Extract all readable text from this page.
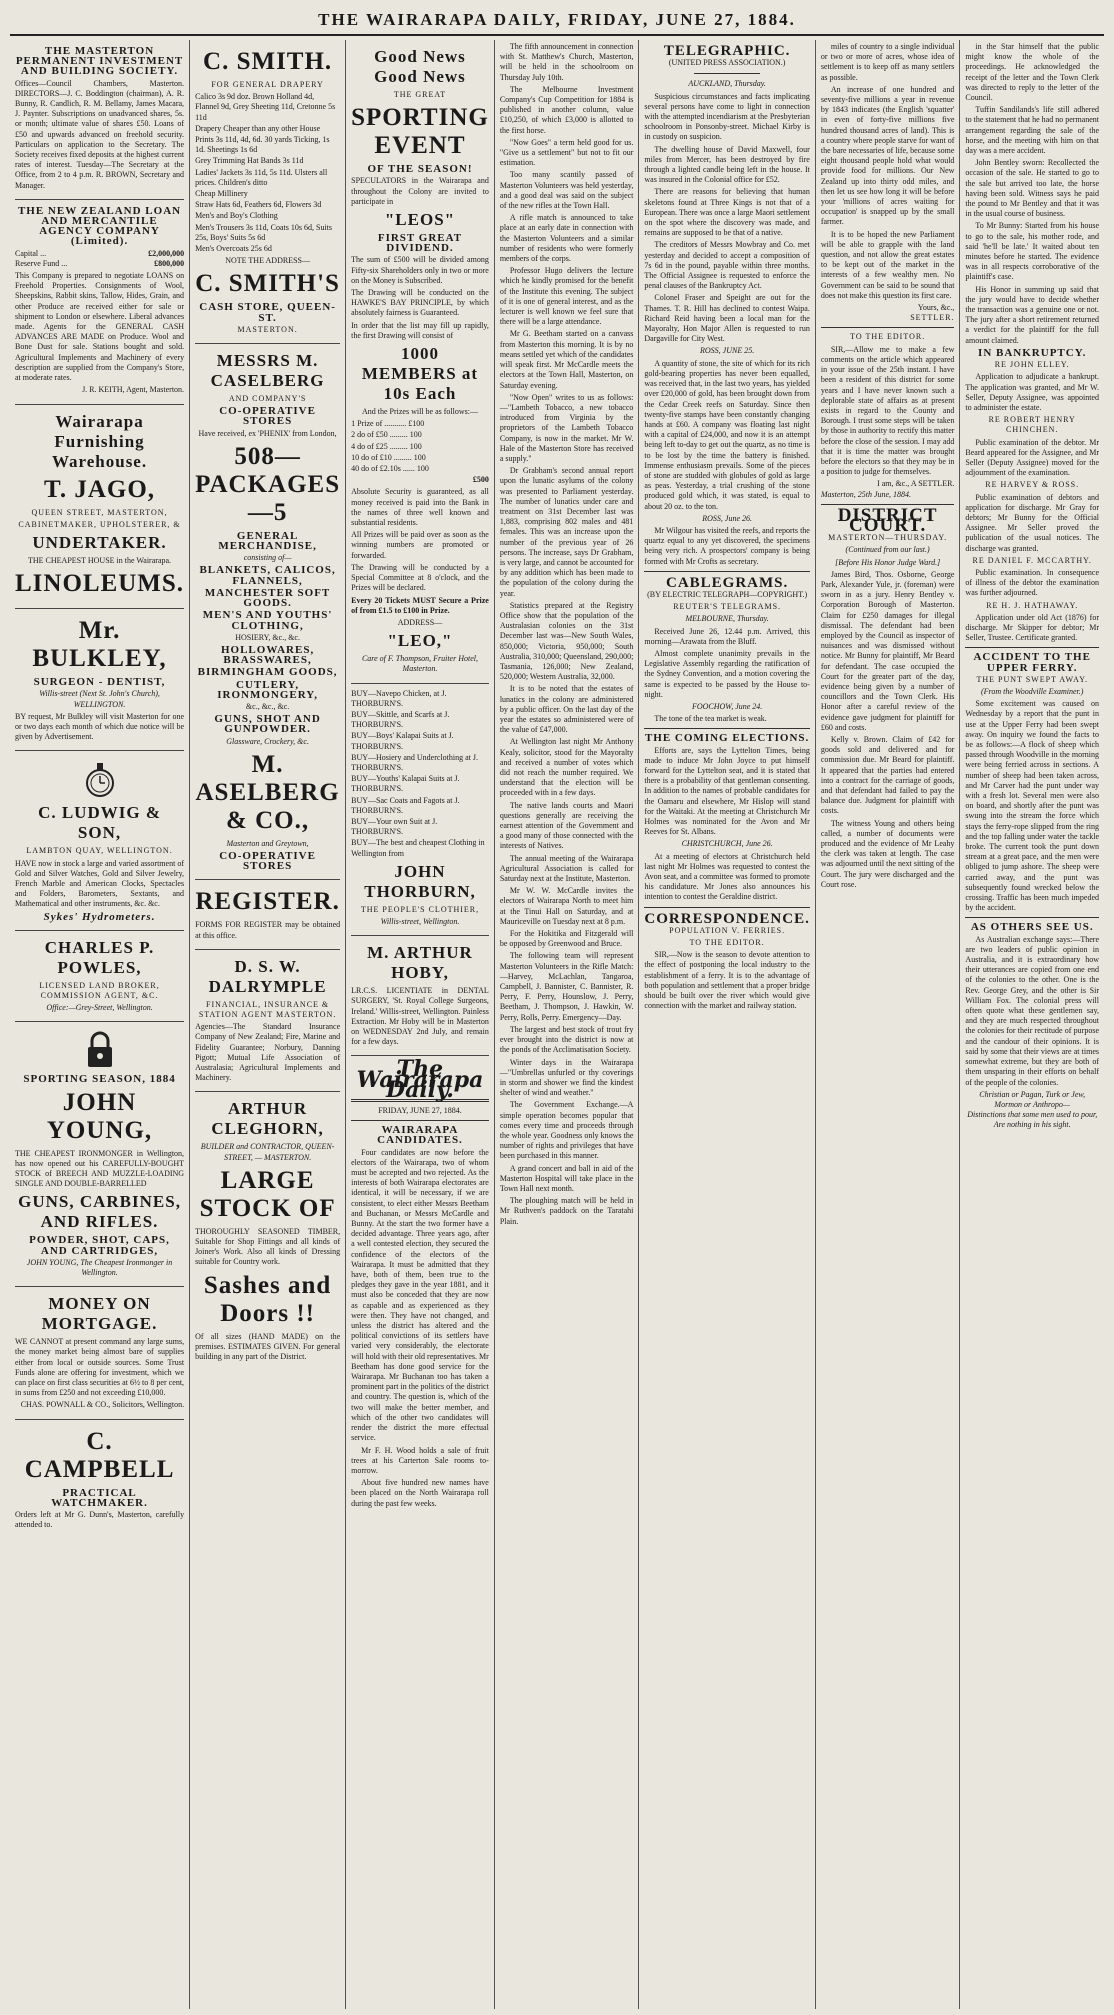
THE WAIRARAPA DAILY, FRIDAY, JUNE 27, 1884.
THE MASTERTON PERMANENT INVESTMENT AND BUILDING SOCIETY.

Offices—Council Chambers, Masterton. DIRECTORS—J. C. Boddington (chairman), A. R. Bunny, R. Candlich, R. M. Bellamy, James Macara, J. Paynter. Subscriptions on unadvanced shares, 5s. or month; ultimate value of shares £50. Loans of £50 and upwards advanced on freehold security. Particulars on application to the Secretary. The Society receives fixed deposits at the highest current rates of interest. Tuesday—The Secretary at the Office, from 2 to 4 p.m. R. BROWN, Secretary and Manager.

THE NEW ZEALAND LOAN AND MERCANTILE AGENCY COMPANY (Limited).
Capital ...	£2,000,000
Reserve Fund ...	£800,000

This Company is prepared to negotiate LOANS on Freehold Properties. Consignments of Wool, Sheepskins, Rabbit skins, Tallow, Hides, Grain, and other Produce are received either for sale or shipment to London or elsewhere. Liberal advances made. Agents for the GENERAL CASH ADVANCES ARE MADE on Produce. Wool and Bone Dust for sale. Stations bought and sold. Agricultural Implements and Machinery of every description are supplied from the Company's Store, at moderate rates.

J. R. KEITH, Agent, Masterton.

Wairarapa Furnishing Warehouse.
T. JAGO,
QUEEN STREET, MASTERTON,
CABINETMAKER, UPHOLSTERER, &
UNDERTAKER.
THE CHEAPEST HOUSE in the Wairarapa.
LINOLEUMS.
Mr. BULKLEY,
SURGEON - DENTIST,
Willis-street (Next St. John's Church), WELLINGTON.

BY request, Mr Bulkley will visit Masterton for one or two days each month of which due notice will be given by Advertisement.

C. LUDWIG & SON,
LAMBTON QUAY, WELLINGTON.

HAVE now in stock a large and varied assortment of Gold and Silver Watches, Gold and Silver Jewelry, French Marble and American Clocks, Spectacles and Folders, Barometers, Sextants, and Mathematical and other instruments, &c. &c.

Sykes' Hydrometers.
CHARLES P. POWLES,
LICENSED LAND BROKER, COMMISSION AGENT, &C.
Office:—Grey-Street, Wellington.
SPORTING SEASON, 1884
JOHN YOUNG,

THE CHEAPEST IRONMONGER in Wellington, has now opened out his CAREFULLY-BOUGHT STOCK of BREECH AND MUZZLE-LOADING SINGLE AND DOUBLE-BARRELLED

GUNS, CARBINES, AND RIFLES.
POWDER, SHOT, CAPS, AND CARTRIDGES,
JOHN YOUNG, The Cheapest Ironmonger in Wellington.
MONEY ON MORTGAGE.

WE CANNOT at present command any large sums, the money market being almost bare of supplies either from local or outside sources. Some Trust Funds alone are offering for investment, which we can place on first class securities at 6½ to 8 per cent, in sums from £250 and not exceeding £10,000.

CHAS. POWNALL & CO., Solicitors, Wellington.

C. CAMPBELL
PRACTICAL WATCHMAKER.

Orders left at Mr G. Dunn's, Masterton, carefully attended to.

C. SMITH.
FOR GENERAL DRAPERY
Calico 3s 9d doz. Brown Holland 4d, Flannel 9d, Grey Sheeting 11d, Cretonne 5s 11d
Drapery Cheaper than any other House
Prints 3s 11d, 4d, 6d. 30 yards Ticking, 1s 1d. Sheetings 1s 6d
Grey Trimming Hat Bands 3s 11d
Ladies' Jackets 3s 11d, 5s 11d. Ulsters all prices. Children's ditto
Cheap Millinery
Straw Hats 6d, Feathers 6d, Flowers 3d
Men's and Boy's Clothing
Men's Trousers 3s 11d, Coats 10s 6d, Suits 25s, Boys' Suits 5s 6d
Men's Overcoats 25s 6d
NOTE THE ADDRESS—
C. SMITH'S
CASH STORE, QUEEN-ST.
MASTERTON.
MESSRS M. CASELBERG
AND COMPANY'S
CO-OPERATIVE STORES
Have received, ex 'PHENIX' from London,
508—PACKAGES—5
GENERAL MERCHANDISE,
consisting of—
BLANKETS, CALICOS, FLANNELS,
MANCHESTER SOFT GOODS.
MEN'S AND YOUTHS' CLOTHING,
HOSIERY, &c., &c.
HOLLOWARES, BRASSWARES,
BIRMINGHAM GOODS,
CUTLERY, IRONMONGERY,
&c., &c., &c.
GUNS, SHOT AND GUNPOWDER.
Glassware, Crockery, &c.
M. ASELBERG & CO.,
Masterton and Greytown,
CO-OPERATIVE STORES
REGISTER.

FORMS FOR REGISTER may be obtained at this office.

D. S. W. DALRYMPLE
FINANCIAL, INSURANCE & STATION AGENT MASTERTON.

Agencies—The Standard Insurance Company of New Zealand; Fire, Marine and Fidelity Guarantee; Norbury, Danning Pigott; Mutual Life Association of Australasia; Agricultural Implements and Machinery.

ARTHUR CLEGHORN,
BUILDER and CONTRACTOR, QUEEN-STREET, — MASTERTON.
LARGE STOCK OF

THOROUGHLY SEASONED TIMBER, Suitable for Shop Fittings and all kinds of Joiner's Work. Also all kinds of Dressing suitable for Country work.

Sashes and Doors !!

Of all sizes (HAND MADE) on the premises. ESTIMATES GIVEN. For general building in any part of the District.

Good News Good News
THE GREAT
SPORTING EVENT
OF THE SEASON!

SPECULATORS in the Wairarapa and throughout the Colony are invited to participate in

"LEOS"
FIRST GREAT DIVIDEND.

The sum of £500 will be divided among Fifty-six Shareholders only in two or more on the Money is Subscribed.

The Drawing will be conducted on the HAWKE'S BAY PRINCIPLE, by which absolutely fairness is Guaranteed.

In order that the list may fill up rapidly, the first Drawing will consist of

1000 MEMBERS at 10s Each
And the Prizes will be as follows:—
1 Prize of ........... £100
2 do of £50 ......... 100
4 do of £25 ......... 100
10 do of £10 ......... 100
40 do of £2.10s ...... 100
£500

Absolute Security is guaranteed, as all money received is paid into the Bank in the names of three well known and substantial residents.

All Prizes will be paid over as soon as the winning numbers are promoted or forwarded.

The Drawing will be conducted by a Special Committee at 8 o'clock, and the Prizes will be declared.

Every 20 Tickets MUST Secure a Prize of from £1.5 to £100 in Prize.

ADDRESS—
"LEO,"
Care of F. Thompson, Fruiter Hotel, Masterton.
BUY—Navepo Chicken, at J. THORBURN'S.
BUY—Skittle, and Scarfs at J. THORBURN'S.
BUY—Boys' Kalapai Suits at J. THORBURN'S.
BUY—Hosiery and Underclothing at J. THORBURN'S.
BUY—Youths' Kalapai Suits at J. THORBURN'S.
BUY—Sac Coats and Fagots at J. THORBURN'S.
BUY—Your own Suit at J. THORBURN'S.
BUY—The best and cheapest Clothing in Wellington from
JOHN THORBURN,
THE PEOPLE'S CLOTHIER,
Willis-street, Wellington.
M. ARTHUR HOBY,

LR.C.S. LICENTIATE in DENTAL SURGERY, 'St. Royal College Surgeons, Ireland.' Willis-street, Wellington. Painless Extraction. Mr Hoby will be in Masterton on WEDNESDAY 2nd July, and remain for a few days.

The Wairarapa Daily.
FRIDAY, JUNE 27, 1884.
WAIRARAPA CANDIDATES.

Four candidates are now before the electors of the Wairarapa, two of whom must be accepted and two rejected. As the interests of both Wairarapa electorates are identical, it will be necessary, if we are consistent, to elect either Messrs Beetham and Buchanan, or Messrs McCardle and Bunny. At the start the two former have a decided advantage. Three years ago, after a well contested election, they secured the confidence of the electors of the Wairarapa. It must be admitted that they have, both of them, been true to the pledges they gave in the year 1881, and it must also be conceded that they are now as capable and as experienced as they were then. They have not changed, and unless the district has altered and the political convictions of its settlers have varied very considerably, the electorate will hold with their old representatives. Mr Beetham has done good service for the Wairarapa. Mr Buchanan too has taken a prominent part in the politics of the district and country. The question is, which of the two will make the better member, and which of the other two candidates will render the district the more effectual service.

Mr F. H. Wood holds a sale of fruit trees at his Carterton Sale rooms to-morrow.

About five hundred new names have been placed on the North Wairarapa roll during the past few weeks.

The fifth announcement in connection with St. Matthew's Church, Masterton, will be held in the schoolroom on Thursday July 10th.

The Melbourne Investment Company's Cup Competition for 1884 is published in another column, value £10,250, of which £3,000 is allotted to the first horse.

"Now Goes" a term held good for us. "Give us a settlement" but not to fit our estimation.

Too many scantily passed of Masterton Volunteers was held yesterday, and a good deal was said on the subject of the new rifles at the Town Hall.

A rifle match is announced to take place at an early date in connection with the Masterton Volunteers and a similar number of residents who were formerly members of the corps.

Professor Hugo delivers the lecture which he kindly promised for the benefit of the Institute this evening. The subject of it is one of general interest, and as the lecturer is well known we feel sure that there will be a large attendance.

Mr G. Beetham started on a canvass from Masterton this morning. It is by no means settled yet which of the candidates will speak first. Mr McCardle meets the electors at the Town Hall, Masterton, on Saturday evening.

"Now Open" writes to us as follows:—"Lambeth Tobacco, a new tobacco introduced from Virginia by the proprietors of the Lambeth Tobacco Company, is now in the market. Mr W. Hale of the Masterton Store has received a supply."

Dr Grabham's second annual report upon the lunatic asylums of the colony was presented to Parliament yesterday. The number of lunatics under care and treatment on 31st December last was 1,883, comprising 802 males and 481 females. This was an increase upon the number of the previous year of 26 persons. The increase, says Dr Grabham, is very large, and cannot be accounted for by any addition which has been made to the population of the colony during the year.

Statistics prepared at the Registry Office show that the population of the Australasian colonies on the 31st December last was—New South Wales, 850,000; Victoria, 950,000; South Australia, 310,000; Queensland, 290,000; Tasmania, 126,000; New Zealand, 520,000; Western Australia, 32,000.

It is to be noted that the estates of lunatics in the colony are administered by a public officer. On the last day of the year the estates so administered were of the value of £47,000.

At Wellington last night Mr Anthony Kealy, solicitor, stood for the Mayoralty and received a number of votes which did not reach the number required. We understand that the election will be proceeded with in a few days.

The native lands courts and Maori questions generally are receiving the earnest attention of the Government and a good many of those connected with the interests of Natives.

The annual meeting of the Wairarapa Agricultural Association is called for Saturday next at the Institute, Masterton.

Mr W. W. McCardle invites the electors of Wairarapa North to meet him at the Tinui Hall on Saturday, and at Mauriceville on Tuesday next at 8 p.m.

For the Hokitika and Fitzgerald will be opposed by Greenwood and Bruce.

The following team will represent Masterton Volunteers in the Rifle Match:—Harvey, McLachlan, Tangaroa, Campbell, J. Bannister, C. Bannister, R. Perry, F. Perry, Hounslow, J. Perry, Beetham, J. Thompson, J. Hawkin, W. Perry, Rolls, Perry. Emergency—Day.

The largest and best stock of trout fry ever brought into the district is now at the ponds of the Acclimatisation Society.

Winter days in the Wairarapa—"Umbrellas unfurled or thy coverings in storm and shower we find the kindest shelter of wind and weather."

The Government Exchange.—A simple operation becomes popular that comes every time and proceeds through the whole year. Goodness only knows the number of rights and privileges that have been purchased in this manner.

A grand concert and ball in aid of the Masterton Hospital will take place in the Town Hall next month.

The ploughing match will be held in Mr Ruthven's paddock on the Taratahi Plain.

TELEGRAPHIC.
(UNITED PRESS ASSOCIATION.)
AUCKLAND, Thursday.

Suspicious circumstances and facts implicating several persons have come to light in connection with the attempted incendiarism at the Presbyterian schoolroom in Ponsonby-street. Michael Kirby is in custody on suspicion.

The dwelling house of David Maxwell, four miles from Mercer, has been destroyed by fire through a lighted candle being left in the house. It was insured in the Colonial office for £52.

There are reasons for believing that human skeletons found at Three Kings is not that of a European. There was once a large Maori settlement on the spot where the discovery was made, and remains are supposed to be that of a native.

The creditors of Messrs Mowbray and Co. met yesterday and decided to accept a composition of 7s 6d in the pound, payable within three months. The Official Assignee is requested to enforce the penal clauses of the Bankruptcy Act.

Colonel Fraser and Speight are out for the Thames. T. R. Hill has declined to contest Waipa. Richard Reid having been a local man for the Mayoralty, Hon Major Allen is requested to run Dargaville for City West.

ROSS, JUNE 25.

A quantity of stone, the site of which for its rich gold-bearing properties has never been equalled, was received that, in the last two years, has yielded over £20,000 of gold, has been brought down from the Cedar Creek reefs on Saturday. Since then twenty-five stamps have been constantly changing hands at £60. A company was floating last night with a capital of £24,000, and now it is an attempt being left to-day to get out the quartz, as no time is to be lost by the time the battery is finished. Immense enthusiasm prevails. Some of the pieces of stone are studded with globules of gold as large as peas. Yesterday, a trial crushing of the stone produced gold which, it was stated, is equal to about 20 oz. to the ton.

ROSS, June 26.

Mr Wilgour has visited the reefs, and reports the quartz equal to any yet discovered, the specimens being very rich. A prospectors' company is being formed with Mr Crofts as secretary.

CABLEGRAMS.
(BY ELECTRIC TELEGRAPH—COPYRIGHT.)
REUTER'S TELEGRAMS.
MELBOURNE, Thursday.

Received June 26, 12.44 p.m. Arrived, this morning—Arawata from the Bluff.

Almost complete unanimity prevails in the Legislative Assembly regarding the ratification of the Sydney Convention, and a motion covering the same is expected to be passed by the House to-night.

FOOCHOW, June 24.

The tone of the tea market is weak.

THE COMING ELECTIONS.

Efforts are, says the Lyttelton Times, being made to induce Mr John Joyce to put himself forward for the Lyttelton seat, and it is stated that there is a probability of that gentleman consenting. In addition to the names of probable candidates for the Oamaru and elsewhere, Mr Hislop will stand for the Waitaki. At the meeting at Christchurch Mr Holmes was nominated for the Avon and Mr Reeves for St. Albans.

CHRISTCHURCH, June 26.

At a meeting of electors at Christchurch held last night Mr Holmes was requested to contest the Avon seat, and a committee was formed to promote his candidature. Mr Jones also announces his intention to contest the Geraldine district.

CORRESPONDENCE.
POPULATION V. FERRIES.
TO THE EDITOR.

SIR,—Now is the season to devote attention to the effect of postponing the local industry to the establishment of a ferry. It is to the advantage of both population and settlement that a proper bridge should be built over the river which would give connection with the market and railway station.

miles of country to a single individual or two or more of acres, whose idea of settlement is to keep off as many settlers as possible.

An increase of one hundred and seventy-five millions a year in revenue by 1843 indicates (the English 'squatter' in even of forty-five millions five hundred thousand acres of land). This is a country where people starve for want of the bare necessaries of life, because some eight thousand people hold what would provide food for millions. Our New Zealand up into thirty odd miles, and then let us see how long it will be before your 'millions of acres waiting for occupation' is snapped up by the small farmer.

It is to be hoped the new Parliament will be able to grapple with the land question, and not allow the great estates to be kept out of the market in the interests of a few wealthy men. No Government can be said to be sound that does not make this question its first care.

Yours, &c.,
SETTLER.
TO THE EDITOR.

SIR,—Allow me to make a few comments on the article which appeared in your issue of the 25th instant. I have been a resident of this district for some years and I have never known such a deplorable state of affairs as at present exists in regard to the County and Borough. I trust some steps will be taken by those in authority to rectify this matter before the close of the session. I may add that it is time the matter was brought before the electors so that they may be in a position to judge for themselves.

I am, &c., A SETTLER.
Masterton, 25th June, 1884.
DISTRICT COURT.
MASTERTON—THURSDAY.
(Continued from our last.)
[Before His Honor Judge Ward.]

James Bird, Thos. Osborne, George Park, Alexander Yule, jr. (foreman) were sworn in as a jury. Henry Bentley v. Corporation Borough of Masterton. Claim for £250 damages for illegal dismissal. The defendant had been employed by the Council as inspector of nuisances and was dismissed without notice. Mr Bunny for plaintiff, Mr Beard for defendant. The case occupied the Court for the greater part of the day, evidence being given by a number of councillors and the Town Clerk. His Honor after a careful review of the evidence gave judgment for plaintiff for £60 and costs.

Kelly v. Brown. Claim of £42 for goods sold and delivered and for commission due. Mr Beard for plaintiff. It appeared that the parties had entered into a contract for the carriage of goods, and that defendant had failed to pay the balance due. Judgment for plaintiff with costs.

The witness Young and others being called, a number of documents were produced and the evidence of Mr Leahy the clerk was taken at length. The case was adjourned until the next sitting of the Court. The jury were discharged and the Court rose.

in the Star himself that the public might know the whole of the proceedings. He acknowledged the receipt of the letter and the Town Clerk was directed to reply to the letter of the Council.

Tuffin Sandilands's life still adhered to the statement that he had no permanent arrangement regarding the sale of the horse, and the meeting with him on that day was a mere accident.

John Bentley sworn: Recollected the occasion of the sale. He started to go to the sale but arrived too late, the horse having been sold. Witness says he paid the pound to Mr Bentley and that it was in the usual course of business.

To Mr Bunny: Started from his house to go to the sale, his mother rode, and said 'he'll be late.' It waited about ten minutes before he started. The evidence was in all respects corroborative of the plaintiff's case.

His Honor in summing up said that the jury would have to decide whether the transaction was a genuine one or not. The jury after a short retirement returned a verdict for the plaintiff for the full amount claimed.

IN BANKRUPTCY.
RE JOHN ELLEY.

Application to adjudicate a bankrupt. The application was granted, and Mr W. Seller, Deputy Assignee, was appointed to administer the estate.

RE ROBERT HENRY CHINCHEN.

Public examination of the debtor. Mr Beard appeared for the Assignee, and Mr Seller (Deputy Assignee) moved for the adjournment of the examination.

RE HARVEY & ROSS.

Public examination of debtors and application for discharge. Mr Gray for debtors; Mr Bunny for the Official Assignee. Mr Seller proved the publication of the usual notices. The discharge was granted.

RE DANIEL F. MCCARTHY.

Public examination. In consequence of illness of the debtor the examination was further adjourned.

RE H. J. HATHAWAY.

Application under old Act (1876) for discharge. Mr Skipper for debtor; Mr Seller, Trustee. Certificate granted.

ACCIDENT TO THE UPPER FERRY.
THE PUNT SWEPT AWAY.
(From the Woodville Examiner.)

Some excitement was caused on Wednesday by a report that the punt in use at the Upper Ferry had been swept away. On inquiry we found the facts to be as follows:—A flock of sheep which passed through Woodville in the morning were being ferried across in sections. A number of sheep had been taken across, and Mr Carver had the punt under way with a fresh lot. Several men were also on board, and shortly after the punt was swung into the stream the force which stays the ferry-rope slipped from the ring and the top falling under water the tackle broke. The current took the punt down stream at a great pace, and the men were obliged to jump ashore. The sheep were carried away, and the punt was subsequently found wrecked below the crossing. Traffic has been much impeded by the accident.

AS OTHERS SEE US.

As Australian exchange says:—There are two leaders of public opinion in Australia, and it is extraordinary how their utterances are copied from one end of the colonies to the other. One is the Rev. George Grey, and the other is Sir William Fox. The colonial press will often quote what these gentlemen say, and they are much respected throughout the colonies for their rectitude of purpose and the candour of their opinions. It is said by some that their views are at times somewhat extreme, but they are both of them unsparing in their efforts on behalf of the people of the colonies.

Christian or Pagan, Turk or Jew,
Mormon or Anthropo—
Distinctions that some men used to pour,
Are nothing in his sight.
